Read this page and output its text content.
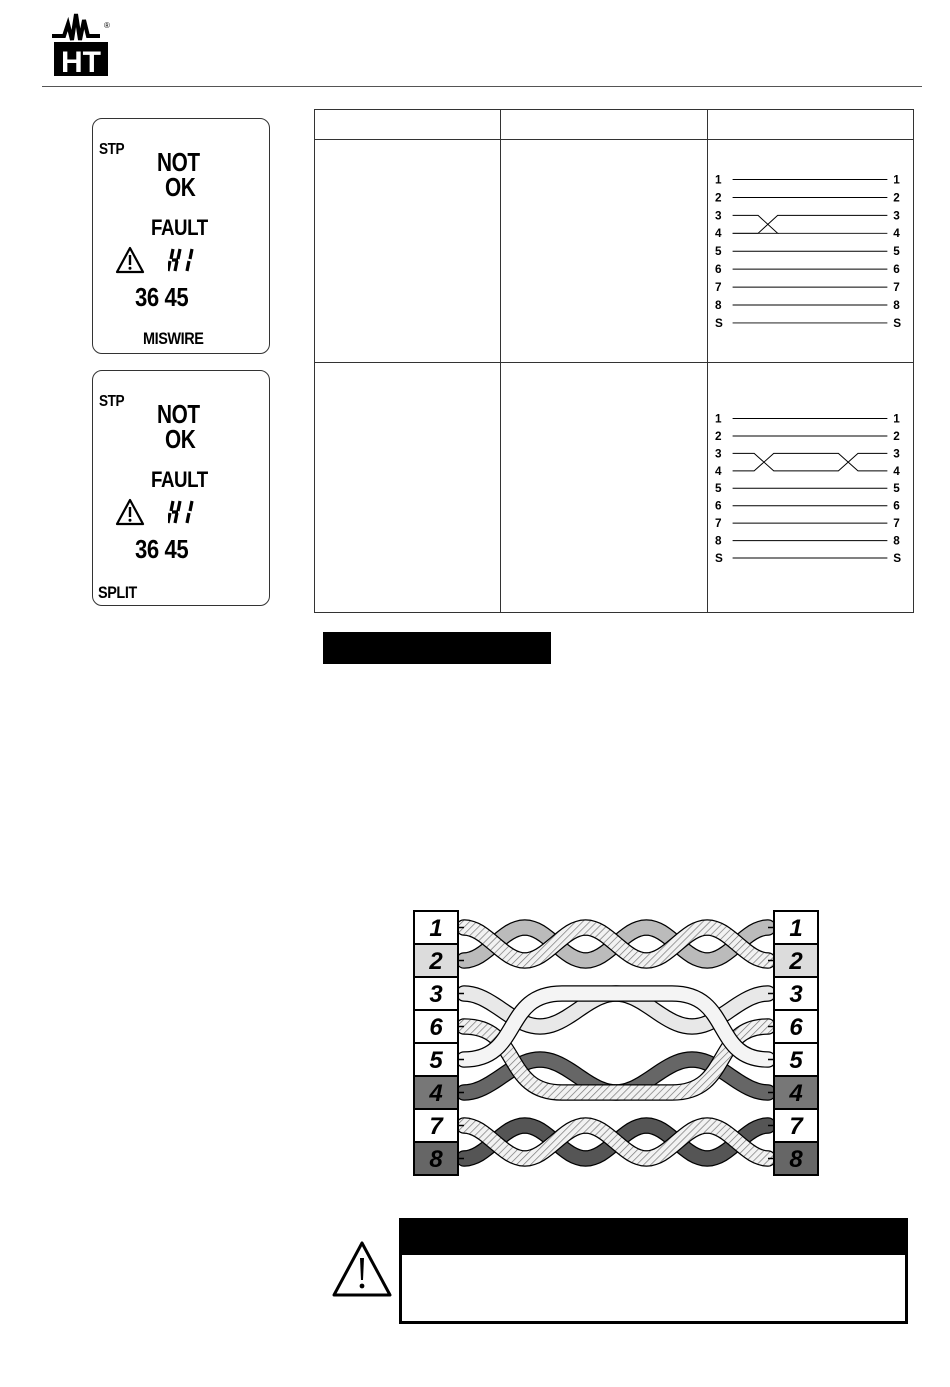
HT
®
STP NOT
OK
FAULT
36 45
MISWIRE
STP NOT
OK
FAULT
36 45
SPLIT
1	1
2	2
3	3
4	4
5	5
6	6
7	7
8	8
S	S
1	1
2	2
3	3
4	4
5	5
6	6
7	7
8	8
S	S
1
2
3
6
5
4
7
8
1
2
3
6
5
4
7
8
